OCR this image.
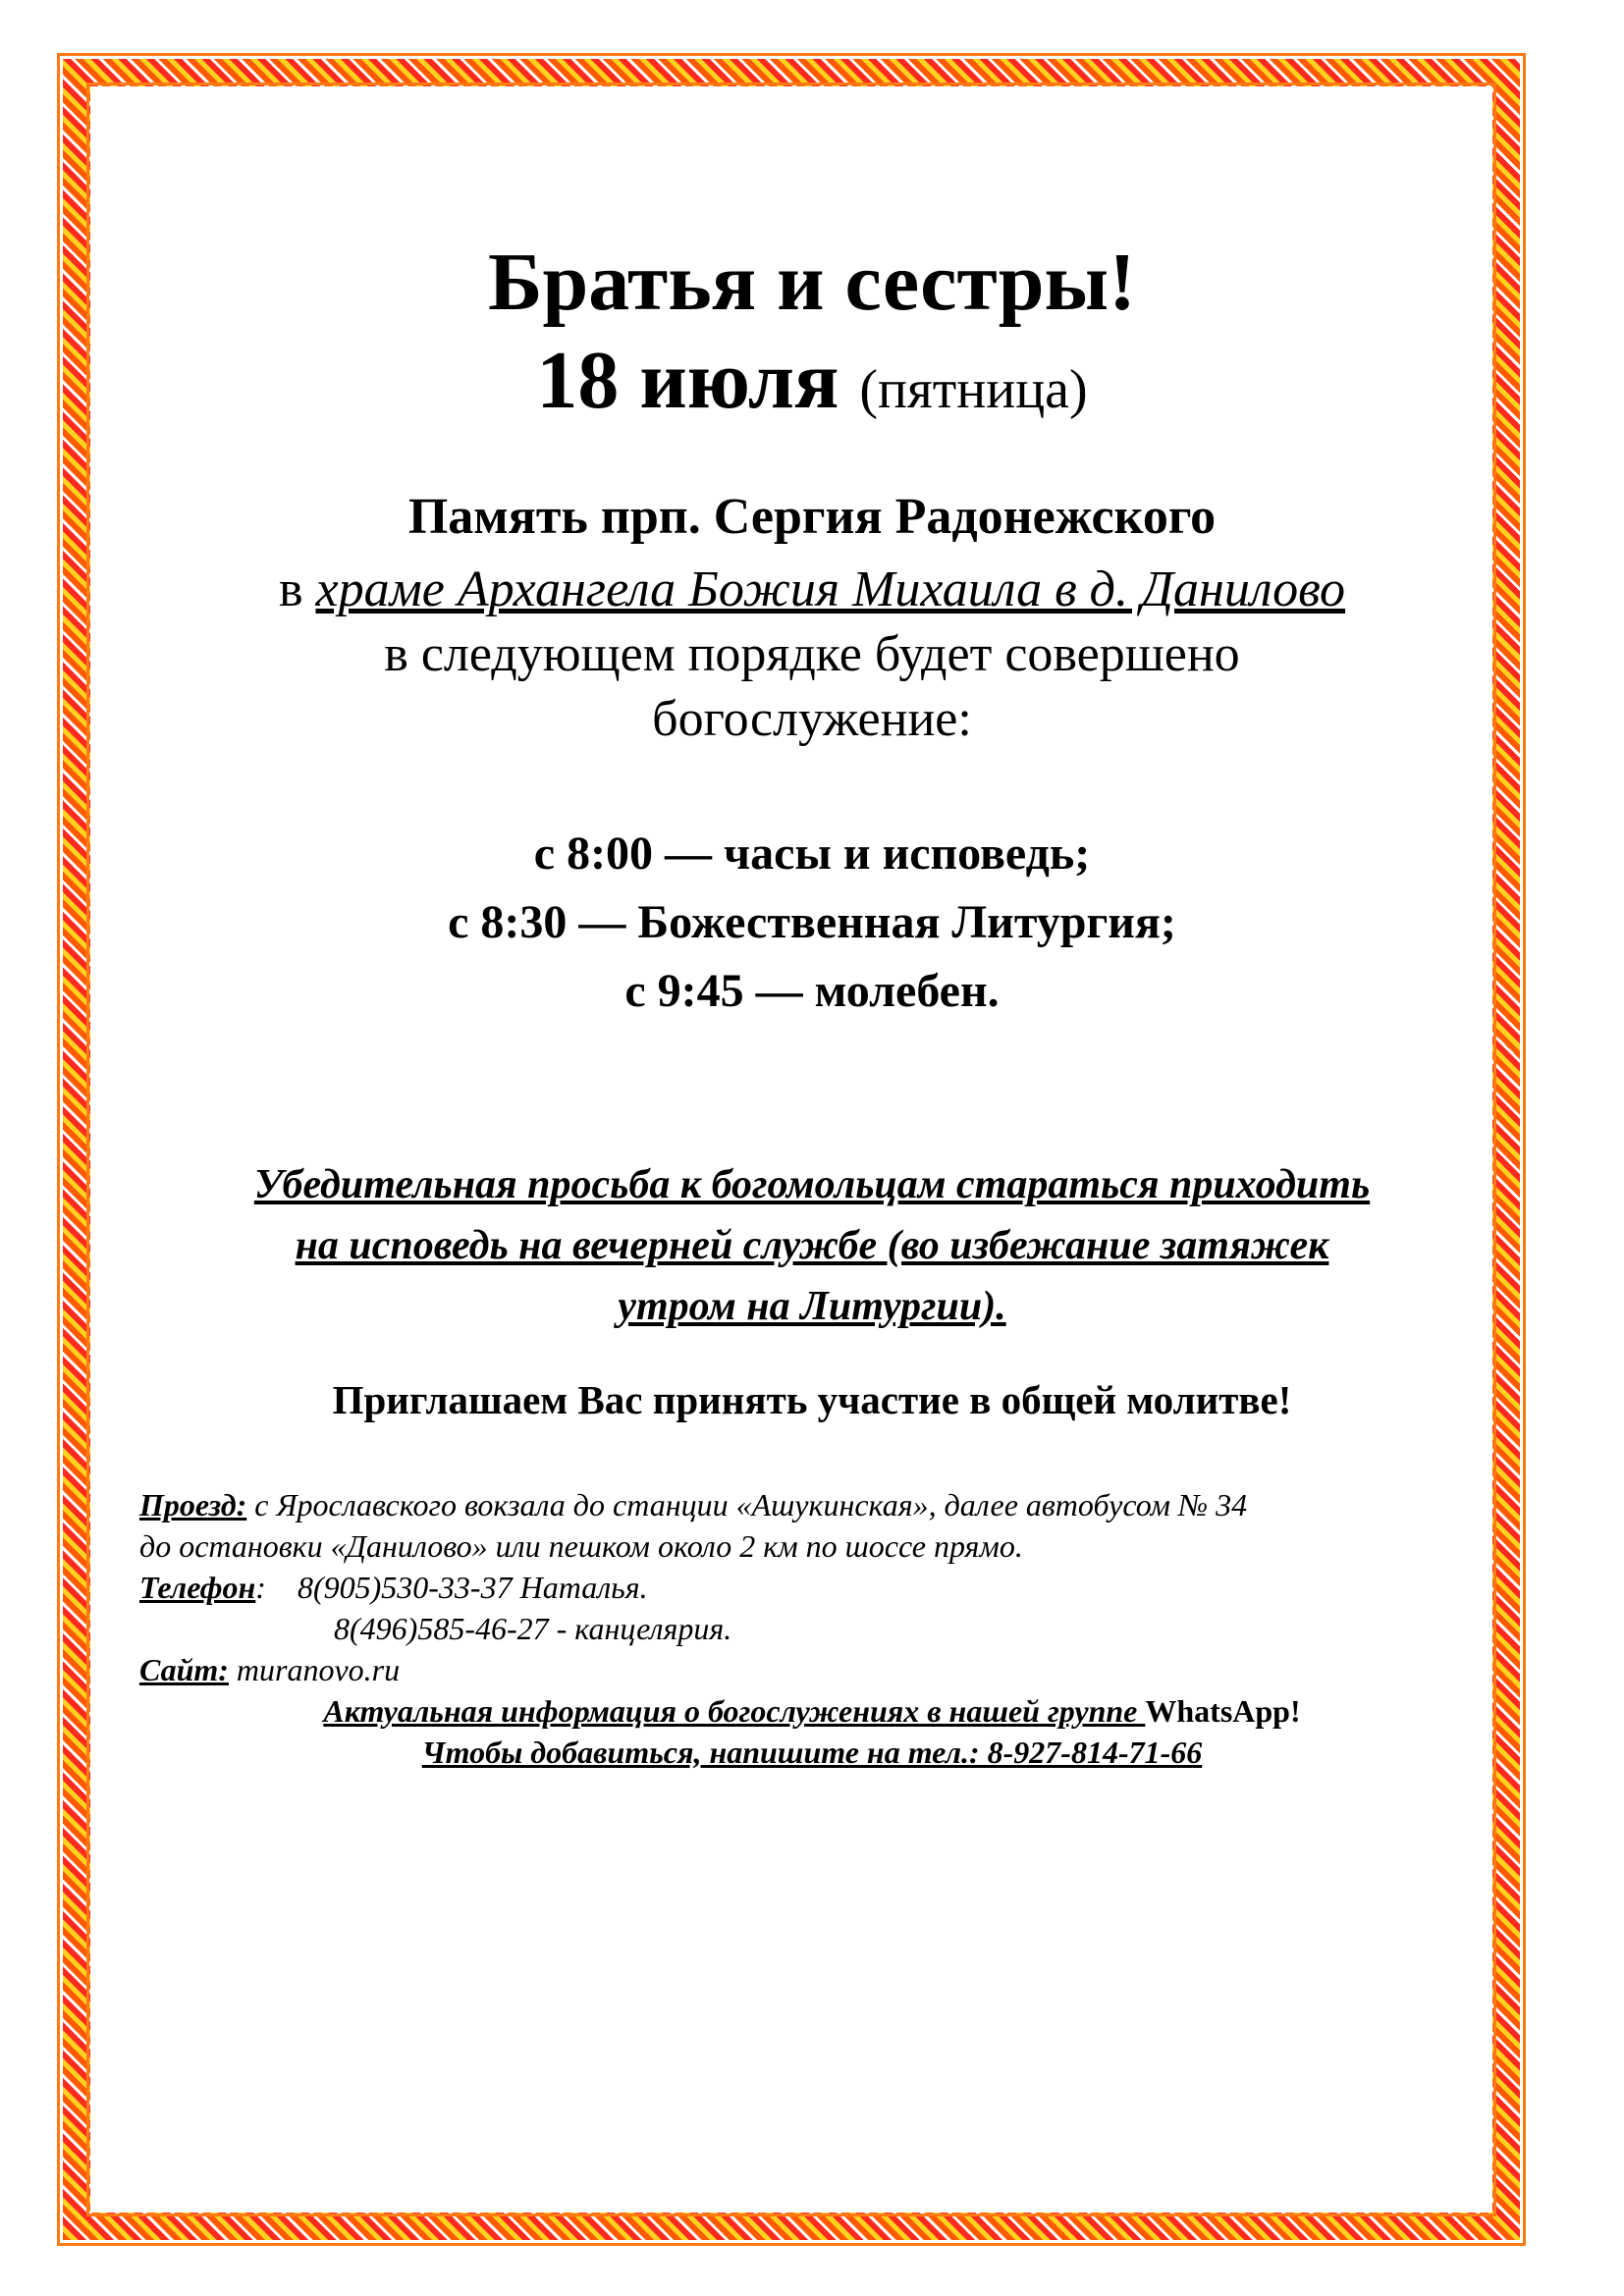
Братья и сестры!
18 июля (пятница)
Память прп. Сергия Радонежского
в храме Архангела Божия Михаила в д. Данилово
в следующем порядке будет совершено
богослужение:
с 8:00 — часы и исповедь;
с 8:30 — Божественная Литургия;
с 9:45 — молебен.
Убедительная просьба к богомольцам стараться приходить
на исповедь на вечерней службе (во избежание затяжек
утром на Литургии).
Приглашаем Вас принять участие в общей молитве!
Проезд: с Ярославского вокзала до станции «Ашукинская», далее автобусом № 34
до остановки «Данилово» или пешком около 2 км по шоссе прямо.
Телефон:    8(905)530-33-37 Наталья.
8(496)585-46-27 - канцелярия.
Сайт: muranovo.ru
Актуальная информация о богослужениях в нашей группе WhatsApp!
Чтобы добавиться, напишите на тел.: 8-927-814-71-66
